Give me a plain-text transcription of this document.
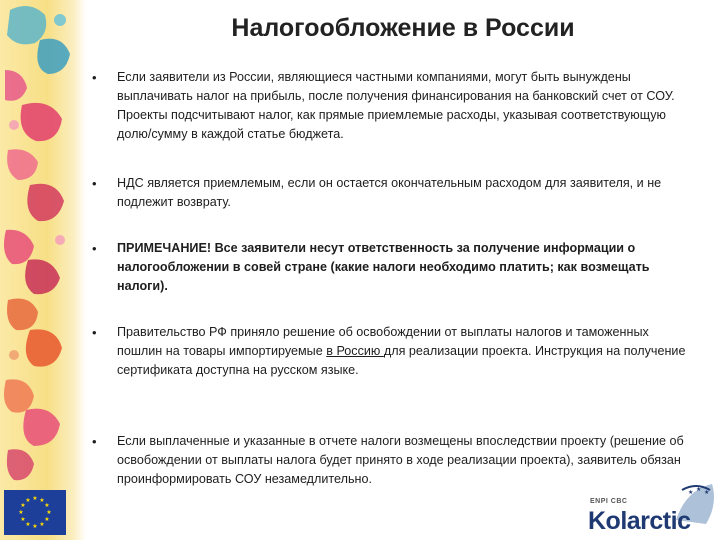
Налогообложение в России
• Если заявители из России, являющиеся частными компаниями, могут быть вынуждены выплачивать налог на прибыль, после получения финансирования на банковский счет от СОУ. Проекты подсчитывают налог, как прямые приемлемые расходы, указывая соответствующую долю/сумму в каждой статье бюджета.
• НДС является приемлемым, если он остается окончательным расходом для заявителя, и не подлежит возврату.
• ПРИМЕЧАНИЕ! Все заявители несут ответственность за получение информации о налогообложении в совей стране (какие налоги необходимо платить; как возмещать налоги).
• Правительство РФ приняло решение об освобождении от выплаты налогов и таможенных пошлин на товары импортируемые в Россию для реализации проекта. Инструкция на получение сертификата доступна на русском языке.
• Если выплаченные и указанные в отчете налоги возмещены впоследствии проекту (решение об освобождении от выплаты налога будет принято в ходе реализации проекта), заявитель обязан проинформировать СОУ незамедлительно.
★ ★
★
★
★
★
★
★
★
★
★
★
★ ★ ★
ENPI CBC
Kolarctic
